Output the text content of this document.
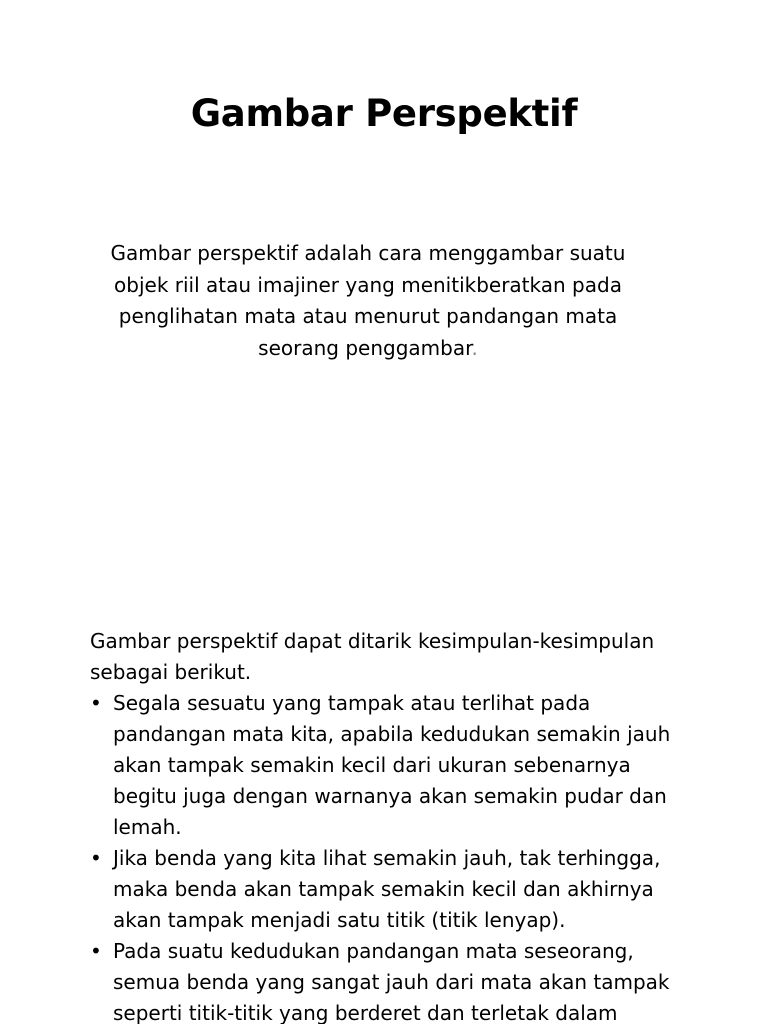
Gambar Perspektif
Gambar perspektif adalah cara menggambar suatu objek riil atau imajiner yang menitikberatkan pada penglihatan mata atau menurut pandangan mata seorang penggambar.

Gambar perspektif dapat ditarik kesimpulan-kesimpulan sebagai berikut.

• Segala sesuatu yang tampak atau terlihat pada pandangan mata kita, apabila kedudukan semakin jauh akan tampak semakin kecil dari ukuran sebenarnya begitu juga dengan warnanya akan semakin pudar dan lemah.
• Jika benda yang kita lihat semakin jauh, tak terhingga, maka benda akan tampak semakin kecil dan akhirnya akan tampak menjadi satu titik (titik lenyap).
• Pada suatu kedudukan pandangan mata seseorang, semua benda yang sangat jauh dari mata akan tampak seperti titik-titik yang berderet dan terletak dalam
